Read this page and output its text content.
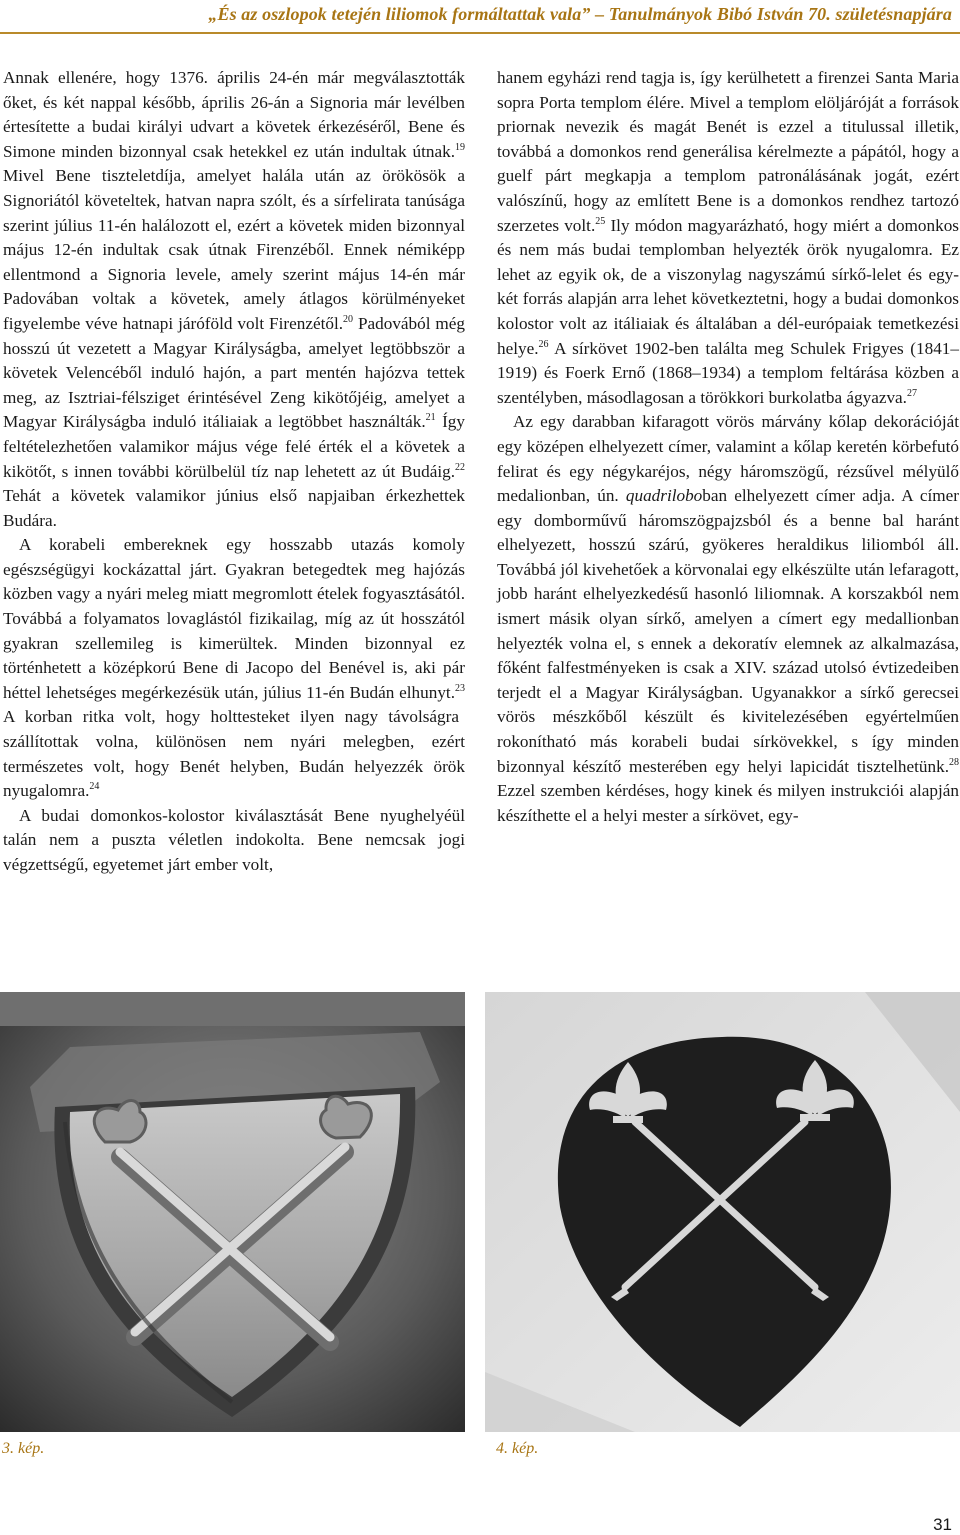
„És az oszlopok tetején liliomok formáltattak vala” – Tanulmányok Bibó István 70. születésnapjára

Annak ellenére, hogy 1376. április 24-én már megválasztották őket, és két nappal később, április 26-án a Signoria már levélben értesítette a budai királyi udvart a követek érkezéséről, Bene és Simone minden bizonnyal csak hetekkel ez után indultak útnak.$^{19}$ Mivel Bene tiszteletdíja, amelyet halála után az örökösök a Signoriától követeltek, hatvan napra szólt, és a sírfelirata tanúsága szerint július 11-én halálozott el, ezért a követek miden bizonnyal május 12-én indultak csak útnak Firenzéből. Ennek némiképp ellentmond a Signoria levele, amely szerint május 14-én már Padovában voltak a követek, amely átlagos körülményeket figyelembe véve hatnapi járóföld volt Firenzétől.$^{20}$ Padovából még hosszú út vezetett a Magyar Királyságba, amelyet legtöbbször a követek Velencéből induló hajón, a part mentén hajózva tettek meg, az Isztriai-félsziget érintésével Zeng kikötőjéig, amelyet a Magyar Királyságba induló itáliaiak a legtöbbet használták.$^{21}$ Így feltételezhetően valamikor május vége felé érték el a követek a kikötőt, s innen további körülbelül tíz nap lehetett az út Budáig.$^{22}$ Tehát a követek valamikor június első napjaiban érkezhettek Budára.

A korabeli embereknek egy hosszabb utazás komoly egészségügyi kockázattal járt. Gyakran betegedtek meg hajózás közben vagy a nyári meleg miatt megromlott ételek fogyasztásától. Továbbá a folyamatos lovaglástól fizikailag, míg az út hosszától gyakran szellemileg is kimerültek. Minden bizonnyal ez történhetett a középkorú Bene di Jacopo del Benével is, aki pár héttel lehetséges megérkezésük után, július 11-én Budán elhunyt.$^{23}$ A korban ritka volt, hogy holttesteket ilyen nagy távolságra szállítottak volna, különösen nem nyári melegben, ezért természetes volt, hogy Benét helyben, Budán helyezzék örök nyugalomra.$^{24}$

A budai domonkos-kolostor kiválasztását Bene nyughelyéül talán nem a puszta véletlen indokolta. Bene nemcsak jogi végzettségű, egyetemet járt ember volt,

hanem egyházi rend tagja is, így kerülhetett a firenzei Santa Maria sopra Porta templom élére. Mivel a templom elöljáróját a források priornak nevezik és magát Benét is ezzel a titulussal illetik, továbbá a domonkos rend generálisa kérelmezte a pápától, hogy a guelf párt megkapja a templom patronálásának jogát, ezért valószínű, hogy az említett Bene is a domonkos rendhez tartozó szerzetes volt.$^{25}$ Ily módon magyarázható, hogy miért a domonkos és nem más budai templomban helyezték örök nyugalomra. Ez lehet az egyik ok, de a viszonylag nagyszámú sírkő-lelet és egy-két forrás alapján arra lehet következtetni, hogy a budai domonkos kolostor volt az itáliaiak és általában a dél-európaiak temetkezési helye.$^{26}$ A sírkövet 1902-ben találta meg Schulek Frigyes (1841–1919) és Foerk Ernő (1868–1934) a templom feltárása közben a szentélyben, másodlagosan a törökkori burkolatba ágyazva.$^{27}$

Az egy darabban kifaragott vörös márvány kőlap dekorációját egy középen elhelyezett címer, valamint a kőlap keretén körbefutó felirat és egy négykaréjos, négy háromszögű, rézsűvel mélyülő medalionban, ún. quadriloboban elhelyezett címer adja. A címer egy domborművű háromszögpajzsból és a benne bal haránt elhelyezett, hosszú szárú, gyökeres heraldikus liliomból áll. Továbbá jól kivehetőek a körvonalai egy elkészülte után lefaragott, jobb haránt elhelyezkedésű hasonló liliomnak. A korszakból nem ismert másik olyan sírkő, amelyen a címert egy medallionban helyezték volna el, s ennek a dekoratív elemnek az alkalmazása, főként falfestményeken is csak a XIV. század utolsó évtizedeiben terjedt el a Magyar Királyságban. Ugyanakkor a sírkő gerecsei vörös mészkőből készült és kivitelezésében egyértelműen rokonítható más korabeli budai sírkövekkel, s így minden bizonnyal készítő mesterében egy helyi lapicidát tisztelhetünk.$^{28}$ Ezzel szemben kérdéses, hogy kinek és milyen instrukciói alapján készíthette el a helyi mester a sírkövet, egy-

3. kép.	4. kép.
31
